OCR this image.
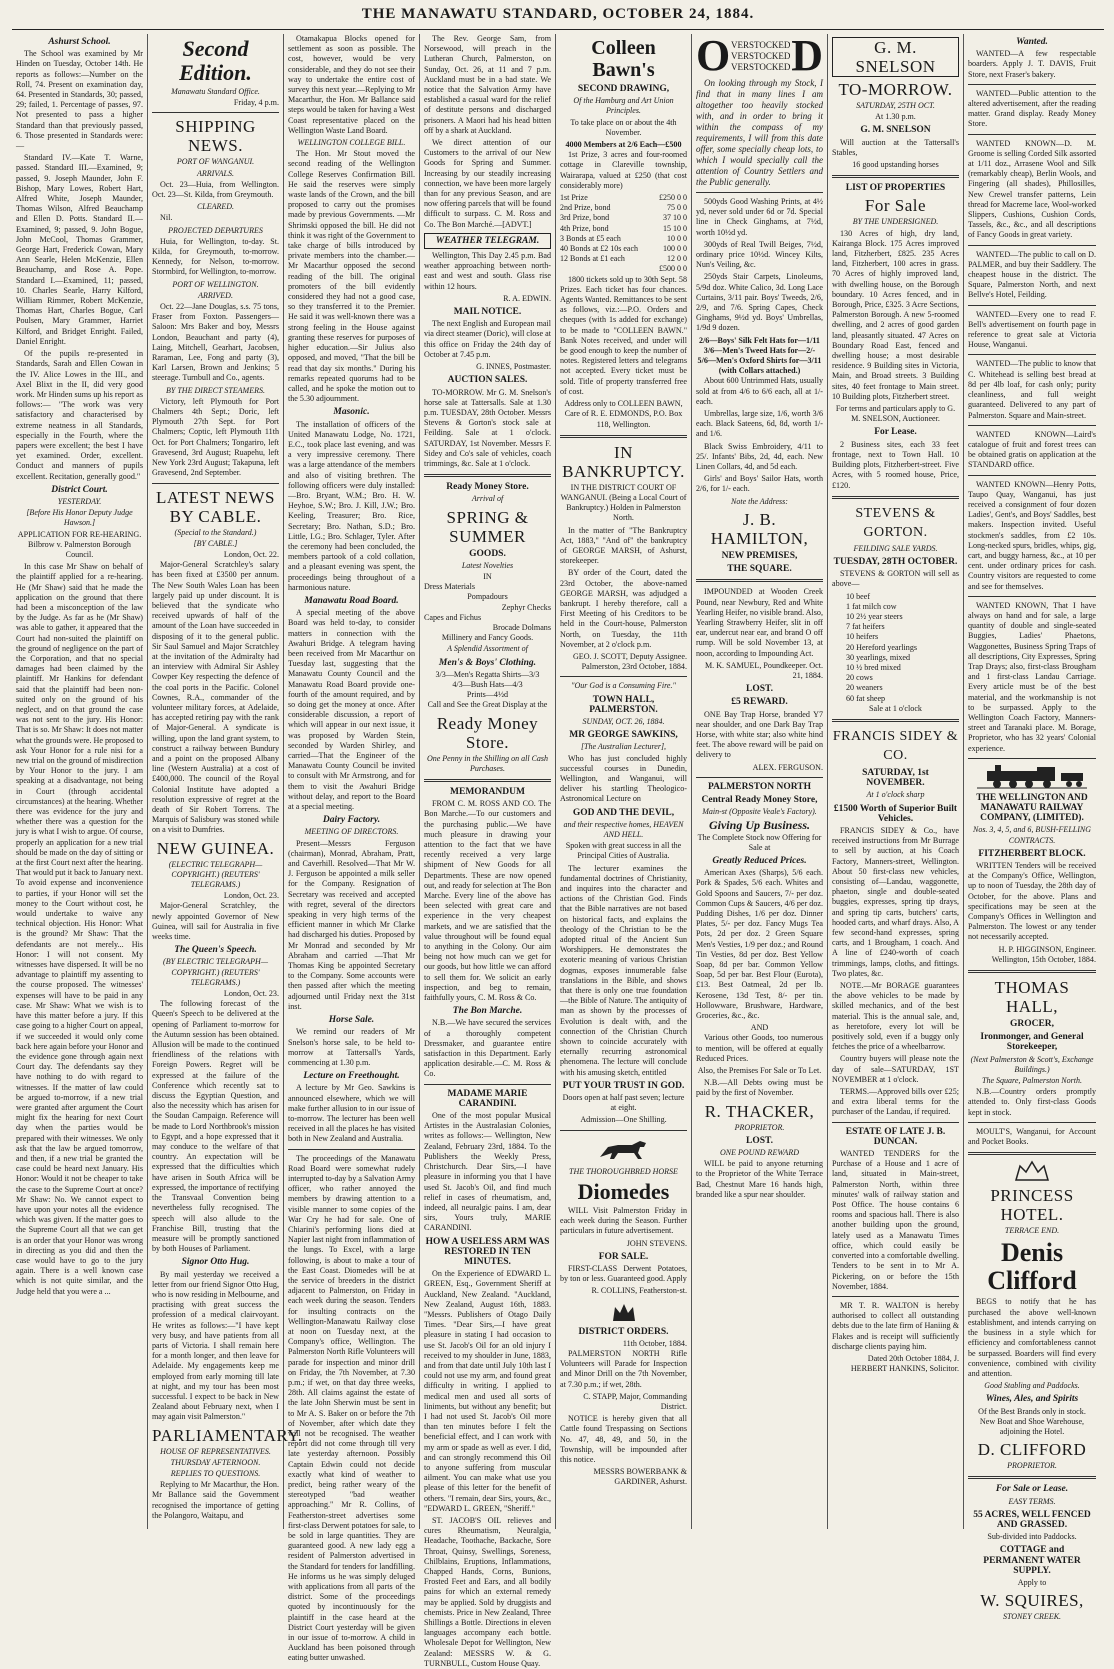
THE MANAWATU STANDARD, OCTOBER 24, 1884.
Ashurst School.

The School was examined by Mr Hinden on Tuesday, October 14th. He reports as follows:—Number on the Roll, 74. Present on examination day, 64. Presented in Standards, 30; passed, 29; failed, 1. Percentage of passes, 97. Not presented to pass a higher Standard than that previously passed, 6. Those presented in Standards were:—

Standard IV.—Kate T. Warne, passed. Standard III.—Examined, 9; passed, 9. Joseph Maunder, John F. Bishop, Mary Lowes, Robert Hart, Alfred White, Joseph Maunder, Thomas Wilson, Alfred Beauchamp and Ellen D. Potts. Standard II.—Examined, 9; passed, 9. John Bogue, John McCool, Thomas Grammer, George Hart, Frederick Cowan, Mary Ann Searle, Helen McKenzie, Ellen Beauchamp, and Rose A. Pope. Standard I.—Examined, 11; passed, 10. Charles Searle, Harry Kilford, William Rimmer, Robert McKenzie, Thomas Hart, Charles Bogue, Carl Poulsen, Mary Grammer, Harriet Kilford, and Bridget Enright. Failed, Daniel Enright.

Of the pupils re-presented in Standards, Sarah and Ellen Cowan in the IV. Alice Lowes in the III., and Axel Blixt in the II, did very good work. Mr Hinden sums up his report as follows:— "The work was very satisfactory and characterised by extreme neatness in all Standards, especially in the Fourth, where the papers were excellent; the best I have yet examined. Order, excellent. Conduct and manners of pupils excellent. Recitation, generally good."

District Court.
YESTERDAY.
[Before His Honor Deputy Judge Hawson.]

APPLICATION FOR RE-HEARING. Bilbrow v. Palmerston Borough Council.

In this case Mr Shaw on behalf of the plaintiff applied for a re-hearing. He (Mr Shaw) said that he made the application on the ground that there had been a misconception of the law by the Judge. As far as he (Mr Shaw) was able to gather, it appeared that the Court had non-suited the plaintiff on the ground of negligence on the part of the Corporation, and that no special damages had been claimed by the plaintiff. Mr Hankins for defendant said that the plaintiff had been non-suited only on the ground of his neglect, and on that ground the case was not sent to the jury. His Honor: That is so. Mr Shaw: It does not matter what the grounds were. He proposed to ask Your Honor for a rule nisi for a new trial on the ground of misdirection by Your Honor to the jury. I am speaking at a disadvantage, not being in Court (through accidental circumstances) at the hearing. Whether there was evidence for the jury and whether there was a question for the jury is what I wish to argue. Of course, properly an application for a new trial should be made on the day of sitting or at the first Court next after the hearing. That would put it back to January next. To avoid expense and inconvenience to parties, if your Honor will set the money to the Court without cost, he would undertake to waive any technical objection. His Honor: What is the ground? Mr Shaw: That the defendants are not merely... His Honor: I will not consent. My witnesses have dispersed. It will be no advantage to plaintiff my assenting to the course proposed. The witnesses' expenses will have to be paid in any case. Mr Shaw: What we wish is to have this matter before a jury. If this case going to a higher Court on appeal, if we succeeded it would only come back here again before your Honor and the evidence gone through again next Court day. The defendants say they have nothing to do with regard to witnesses. If the matter of law could be argued to-morrow, if a new trial were granted after argument the Court might fix the hearing for next Court day when the parties would be prepared with their witnesses. We only ask that the law be argued tomorrow, and then, if a new trial be granted the case could be heard next January. His Honor: Would it not be cheaper to take the case to the Supreme Court at once? Mr Shaw: No. We cannot expect to have upon your notes all the evidence which was given. If the matter goes to the Supreme Court all that we can get is an order that your Honor was wrong in directing as you did and then the case would have to go to the jury again. There is a well known case which is not quite similar, and the Judge held that you were a ...

Second Edition.
Manawatu Standard Office.
Friday, 4 p.m.
SHIPPING NEWS.
PORT OF WANGANUI.
ARRIVALS.

Oct. 23—Huia, from Wellington. Oct. 23—St. Kilda, from Greymouth.

CLEARED.

Nil.

PROJECTED DEPARTURES

Huia, for Wellington, to-day. St. Kilda, for Greymouth, to-morrow. Kennedy, for Nelson, to-morrow. Stormbird, for Wellington, to-morrow.

PORT OF WELLINGTON.
ARRIVED.

Oct. 22—Jane Douglas, s.s. 75 tons, Fraser from Foxton. Passengers—Saloon: Mrs Baker and boy, Messrs London, Beauchant and party (4), Laing, Mitchell, Gearhart, Jacobsen, Raraman, Lee, Fong and party (3), Karl Larsen, Brown and Jenkins; 5 steerage. Turnbull and Co., agents.

BY THE DIRECT STEAMERS.

Victory, left Plymouth for Port Chalmers 4th Sept.; Doric, left Plymouth 27th Sept. for Port Chalmers; Coptic, left Plymouth 11th Oct. for Port Chalmers; Tongariro, left Gravesend, 3rd August; Ruapehu, left New York 23rd August; Takapuna, left Gravesend, 2nd September.

LATEST NEWS BY CABLE.
(Special to the Standard.)
[BY CABLE.]
London, Oct. 22.

Major-General Scratchley's salary has been fixed at £3500 per annum. The New South Wales Loan has been largely paid up under discount. It is believed that the syndicate who received upwards of half of the amount of the Loan have succeeded in disposing of it to the general public. Sir Saul Samuel and Major Scratchley at the invitation of the Admiralty had an interview with Admiral Sir Ashley Cowper Key respecting the defence of the coal ports in the Pacific. Colonel Cownes, R.A., commander of the volunteer military forces, at Adelaide, has accepted retiring pay with the rank of Major-General. A syndicate is willing, upon the land grant system, to construct a railway between Bundury and a point on the proposed Albany line (Western Australia) at a cost of £400,000. The council of the Royal Colonial Institute have adopted a resolution expressive of regret at the death of Sir Robert Torrens. The Marquis of Salisbury was stoned while on a visit to Dumfries.

NEW GUINEA.
(ELECTRIC TELEGRAPH—COPYRIGHT.) (REUTERS' TELEGRAMS.)
London, Oct. 23.

Major-General Scratchley, the newly appointed Governor of New Guinea, will sail for Australia in five weeks time.

The Queen's Speech.
(BY ELECTRIC TELEGRAPH—COPYRIGHT.) (REUTERS' TELEGRAMS.)
London, Oct. 23.

The following forecast of the Queen's Speech to be delivered at the opening of Parliament to-morrow for the Autumn session has been obtained. Allusion will be made to the continued friendliness of the relations with Foreign Powers. Regret will be expressed at the failure of the Conference which recently sat to discuss the Egyptian Question, and also the necessity which has arisen for the Soudan Campaign. Reference will be made to Lord Northbrook's mission to Egypt, and a hope expressed that it may conduce to the welfare of that country. An expectation will be expressed that the difficulties which have arisen in South Africa will be expressed, the importance of rectifying the Transvaal Convention being nevertheless fully recognised. The speech will also allude to the Franchise Bill, trusting that the measure will be promptly sanctioned by both Houses of Parliament.

Signor Otto Hug.

By mail yesterday we received a letter from our friend Signor Otto Hug, who is now residing in Melbourne, and practising with great success the profession of a medical clairvoyant. He writes as follows:—"I have kept very busy, and have patients from all parts of Victoria. I shall remain here for a month longer, and then leave for Adelaide. My engagements keep me employed from early morning till late at night, and my tour has been most successful. I expect to be back in New Zealand about February next, when I may again visit Palmerston."

PARLIAMENTARY.
HOUSE OF REPRESENTATIVES.
THURSDAY AFTERNOON.
REPLIES TO QUESTIONS.

Replying to Mr Macarthur, the Hon. Mr Ballance said the Government recognised the importance of getting the Polangoro, Waitapu, and

Otamakapua Blocks opened for settlement as soon as possible. The cost, however, would be very considerable, and they do not see their way to undertake the entire cost of survey this next year.—Replying to Mr Macarthur, the Hon. Mr Ballance said steps would be taken for having a West Coast representative placed on the Wellington Waste Land Board.

WELLINGTON COLLEGE BILL.

The Hon. Mr Stout moved the second reading of the Wellington College Reserves Confirmation Bill. He said the reserves were simply waste lands of the Crown, and the bill proposed to carry out the promises made by previous Governments. —Mr Shrimski opposed the bill. He did not think it was right of the Government to take charge of bills introduced by private members into the chamber.—Mr Macarthur opposed the second reading of the bill. The original promoters of the bill evidently considered they had not a good case, so they transferred it to the Premier. He said it was well-known there was a strong feeling in the House against granting these reserves for purposes of higher education.—Sir Julius also opposed, and moved, "That the bill be read that day six months." During his remarks repeated quorums had to be called, and he spoke the motion out to the 5.30 adjournment.

Masonic.

The installation of officers of the United Manawatu Lodge, No. 1721, E.C., took place last evening, and was a very impressive ceremony. There was a large attendance of the members and also of visiting brethren. The following officers were duly installed:—Bro. Bryant, W.M.; Bro. H. W. Heyhoe, S.W.; Bro. J. Kill, J.W.; Bro. Keeling, Treasurer; Bro. Rice, Secretary; Bro. Nathan, S.D.; Bro. Little, I.G.; Bro. Schlager, Tyler. After the ceremony had been concluded, the members partook of a cold collation, and a pleasant evening was spent, the proceedings being throughout of a harmonious nature.

Manawatu Road Board.

A special meeting of the above Board was held to-day, to consider matters in connection with the Awahuri Bridge. A telegram having been received from Mr Macarthur on Tuesday last, suggesting that the Manawatu County Council and the Manawatu Road Board provide one-fourth of the amount required, and by so doing get the money at once. After considerable discussion, a report of which will appear in our next issue, it was proposed by Warden Stein, seconded by Warden Shirley, and carried—That the Engineer of the Manawatu County Council be invited to consult with Mr Armstrong, and for them to visit the Awahuri Bridge without delay, and report to the Board at a special meeting.

Dairy Factory.
MEETING OF DIRECTORS.

Present—Messrs Ferguson (chairman), Monrad, Abraham, Pratt, and Caverhill. Resolved—That Mr W. J. Ferguson be appointed a milk seller for the Company. Resignation of Secretary was received and accepted with regret, several of the directors speaking in very high terms of the efficient manner in which Mr Clarke had discharged his duties. Proposed by Mr Monrad and seconded by Mr Abraham and carried —That Mr Thomas King be appointed Secretary to the Company. Some accounts were then passed after which the meeting adjourned until Friday next the 31st inst.

Horse Sale.

We remind our readers of Mr Snelson's horse sale, to be held to-morrow at Tattersall's Yards, commencing at 1.30 p.m.

Lecture on Freethought.

A lecture by Mr Geo. Sawkins is announced elsewhere, which we will make further allusion to in our issue of to-morrow. The lecturer has been well received in all the places he has visited both in New Zealand and Australia.

The proceedings of the Manawatu Road Board were somewhat rudely interrupted to-day by a Salvation Army officer, who rather annoyed the members by drawing attention to a visible manner to some copies of the War Cry he had for sale. One of Chiarini's performing lions died at Napier last night from inflammation of the lungs. To Excel, with a large following, is about to make a tour of the East Coast. Diomedes will be at the service of breeders in the district adjacent to Palmerston, on Friday in each week during the season. Tenders for insulting contracts on the Wellington-Manawatu Railway close at noon on Tuesday next, at the Company's office, Wellington. The Palmerston North Rifle Volunteers will parade for inspection and minor drill on Friday, the 7th November, at 7.30 p.m.; if wet, on that day three weeks, 28th. All claims against the estate of the late John Sherwin must be sent in to Mr A. S. Baker on or before the 7th of November, after which date they will not be recognised. The weather report did not come through till very late yesterday afternoon. Possibly Captain Edwin could not decide exactly what kind of weather to predict, being rather weary of the stereotyped "bad weather approaching." Mr R. Collins, of Featherston-street advertises some first-class Derwent potatoes for sale, to be sold in large quantities. They are guaranteed good. A new lady egg a resident of Palmerston advertised in the Standard for tenders for landfilling. He informs us he was simply deluged with applications from all parts of the district. Some of the proceedings quoted by incontinuously for the plaintiff in the case heard at the District Court yesterday will be given in our issue of to-morrow. A child in Auckland has been poisoned through eating butter unwashed.

The Rev. George Sam, from Norsewood, will preach in the Lutheran Church, Palmerston, on Sunday, Oct. 26, at 11 and 7 p.m. Auckland must be in a bad state. We notice that the Salvation Army have established a casual ward for the relief of destitute persons and discharged prisoners. A Maori had his head bitten off by a shark at Auckland.

We direct attention of our Customers to the arrival of our New Goods for Spring and Summer. Increasing by our steadily increasing connection, we have been more largely than for any previous Season, and are now offering parcels that will be found difficult to surpass. C. M. Ross and Co. The Bon Marché.—[ADVT.]

WEATHER TELEGRAM.

Wellington, This Day 2.45 p.m. Bad weather approaching between north-east and west and south. Glass rise within 12 hours.

R. A. EDWIN.
MAIL NOTICE.

The next English and European mail via direct steamer (Doric), will close at this office on Friday the 24th day of October at 7.45 p.m.

G. INNES, Postmaster.
AUCTION SALES.

TO-MORROW. Mr G. M. Snelson's horse sale at Tattersalls. Sale at 1.30 p.m. TUESDAY, 28th October. Messrs Stevens & Gorton's stock sale at Feilding. Sale at 1 o'clock. SATURDAY, 1st November. Messrs F. Sidey and Co's sale of vehicles, coach trimmings, &c. Sale at 1 o'clock.

Ready Money Store.
Arrival of
SPRING & SUMMER
GOODS.
Latest Novelties
IN
Dress Materials
Pompadours
Zephyr Checks
Capes and Fichus
Brocade Dolmans
Millinery and Fancy Goods.
A Splendid Assortment of
Men's & Boys' Clothing.
3/3—Men's Regatta Shirts—3/3
4/3—Bush Hats—4/3
Prints—4½d
Call and See the Great Display at the
Ready Money Store.
One Penny in the Shilling on all Cash Purchases.
MEMORANDUM

FROM C. M. ROSS AND CO. The Bon Marche.—To our customers and the purchasing public.—We have much pleasure in drawing your attention to the fact that we have recently received a very large shipment of New Goods for all Departments. These are now opened out, and ready for selection at The Bon Marche. Every line of the above has been selected with great care and experience in the very cheapest markets, and we are satisfied that the value throughout will be found equal to anything in the Colony. Our aim being not how much can we get for our goods, but how little we can afford to sell them for. We solicit an early inspection, and beg to remain, faithfully yours, C. M. Ross & Co.

The Bon Marche.

N.B.—We have secured the services of a thoroughly competent Dressmaker, and guarantee entire satisfaction in this Department. Early application desirable.—C. M. Ross & Co.

MADAME MARIE CARANDINI.

One of the most popular Musical Artistes in the Australasian Colonies, writes as follows:— Wellington, New Zealand, February 23rd, 1884. To the Publishers the Weekly Press, Christchurch. Dear Sirs,—I have pleasure in informing you that I have used St. Jacob's Oil, and find much relief in cases of rheumatism, and, indeed, all neuralgic pains. I am, dear sirs, Yours truly, MARIE CARANDINI.

HOW A USELESS ARM WAS RESTORED IN TEN MINUTES.

On the Experience of EDWARD L. GREEN, Esq., Government Sheriff at Auckland, New Zealand. "Auckland, New Zealand, August 16th, 1883. "Messrs. Publishers of Otago Daily Times. "Dear Sirs,—I have great pleasure in stating I had occasion to use St. Jacob's Oil for an old injury I received to my shoulder in June, 1883, and from that date until July 10th last I could not use my arm, and found great difficulty in writing. I applied to medical men and used all sorts of liniments, but without any benefit; but I had not used St. Jacob's Oil more than ten minutes before I felt the beneficial effect, and I can work with my arm or spade as well as ever. I did, and can strongly recommend this Oil to anyone suffering from muscular ailment. You can make what use you please of this letter for the benefit of others. "I remain, dear Sirs, yours, &c., "EDWARD L. GREEN, "Sheriff."

ST. JACOB'S OIL relieves and cures Rheumatism, Neuralgia, Headache, Toothache, Backache, Sore Throat, Quinsy, Swellings, Soreness, Chilblains, Eruptions, Inflammations, Chapped Hands, Corns, Bunions, Frosted Feet and Ears, and all bodily pains for which an external remedy may be applied. Sold by druggists and chemists. Price in New Zealand, Three Shillings a Bottle. Directions in eleven languages accompany each bottle. Wholesale Depot for Wellington, New Zealand: MESSRS W. & G. TURNBULL, Custom House Quay.

Colleen Bawn's
SECOND DRAWING,
Of the Hamburg and Art Union Principles.

To take place on or about the 4th November.

4000 Members at 2/6 Each—£500

1st Prize, 3 acres and four-roomed cottage in Clareville township, Wairarapa, valued at £250 (that cost considerably more)

1st Prize	£250 0 0
2nd Prize, bond	75 0 0
3rd Prize, bond	37 10 0
4th Prize, bond	15 10 0
3 Bonds at £5 each	10 0 0
40 Bonds at £2 10s each	100 0 0
12 Bonds at £1 each	12 0 0
	£500 0 0

1800 tickets sold up to 30th Sept. 58 Prizes. Each ticket has four chances. Agents Wanted. Remittances to be sent as follows, viz.:—P.O. Orders and cheques (with 1s added for exchange) to be made to "COLLEEN BAWN." Bank Notes received, and under will be good enough to keep the number of notes. Registered letters and telegrams not accepted. Every ticket must be sold. Title of property transferred free of cost.

Address only to COLLEEN BAWN, Care of R. E. EDMONDS, P.O. Box 118, Wellington.

IN BANKRUPTCY.

IN THE DISTRICT COURT OF WANGANUI. (Being a Local Court of Bankruptcy.) Holden in Palmerston North.

In the matter of "The Bankruptcy Act, 1883," "And of" the bankruptcy of GEORGE MARSH, of Ashurst, storekeeper.

BY order of the Court, dated the 23rd October, the above-named GEORGE MARSH, was adjudged a bankrupt. I hereby therefore, call a First Meeting of his Creditors to be held in the Court-house, Palmerston North, on Tuesday, the 11th November, at 2 o'clock p.m.

GEO. J. SCOTT, Deputy Assignee. Palmerston, 23rd October, 1884.

"Our God is a Consuming Fire."
TOWN HALL, PALMERSTON.
SUNDAY, OCT. 26, 1884.
MR GEORGE SAWKINS,
[The Australian Lecturer],

Who has just concluded highly successful courses in Dunedin, Wellington, and Wanganui, will deliver his startling Theologico-Astronomical Lecture on

GOD AND THE DEVIL,
and their respective homes, HEAVEN AND HELL.

Spoken with great success in all the Principal Cities of Australia.

The lecturer examines the fundamental doctrines of Christianity, and inquires into the character and actions of the Christian God. Finds that the Bible narratives are not based on historical facts, and explains the theology of the Christian to be the adopted ritual of the Ancient Sun Worshippers. He demonstrates the exoteric meaning of various Christian dogmas, exposes innumerable false translations in the Bible, and shows that there is only one true foundation—the Bible of Nature. The antiquity of man as shown by the processes of Evolution is dealt with, and the connection of the Christian Church shown to coincide accurately with eternally recurring astronomical phenomena. The lecture will conclude with his amusing sketch, entitled

PUT YOUR TRUST IN GOD.

Doors open at half past seven; lecture at eight.

Admission—One Shilling.

THE THOROUGHBRED HORSE
Diomedes

WILL Visit Palmerston Friday in each week during the Season. Further particulars in future advertisement.

JOHN STEVENS.

FOR SALE.

FIRST-CLASS Derwent Potatoes, by ton or less. Guaranteed good. Apply

R. COLLINS, Featherston-st.

DISTRICT ORDERS.
11th October, 1884.

PALMERSTON NORTH Rifle Volunteers will Parade for Inspection and Minor Drill on the 7th November, at 7.30 p.m.; if wet, 28th.

C. STAPP, Major, Commanding District.

NOTICE is hereby given that all Cattle found Trespassing on Sections No. 47, 48, 49, and 50, in the Township, will be impounded after this notice.

MESSRS BOWERBANK & GARDINER, Ashurst.

O VERSTOCKED
VERSTOCKED
VERSTOCKED D

On looking through my Stock, I find that in many lines I am altogether too heavily stocked with, and in order to bring it within the compass of my requirements, I will from this date offer, some specially cheap lots, to which I would specially call the attention of Country Settlers and the Public generally.

500yds Good Washing Prints, at 4½ yd, never sold under 6d or 7d. Special line in Check Ginghams, at 7½d, worth 10½d yd.

300yds of Real Twill Beiges, 7½d, ordinary price 10½d. Wincey Kilts, Nun's Veiling, &c.

250yds Stair Carpets, Linoleums, 5/9d doz. White Calico, 3d. Long Lace Curtains, 3/11 pair. Boys' Tweeds, 2/6, 2/9, and 7/6. Spring Capes, Check Ginghams, 9½d yd. Boys' Umbrellas, 1/9d 9 dozen.

2/6—Boys' Silk Felt Hats for—1/11
3/6—Men's Tweed Hats for—2/-
5/6—Men's Oxford Shirts for—3/11 (with Collars attached.)

About 600 Untrimmed Hats, usually sold at from 4/6 to 6/6 each, all at 1/- each.

Umbrellas, large size, 1/6, worth 3/6 each. Black Sateens, 6d, 8d, worth 1/- and 1/6.

Black Swiss Embroidery, 4/11 to 25/. Infants' Bibs, 2d, 4d, each. New Linen Collars, 4d, and 5d each.

Girls' and Boys' Sailor Hats, worth 2/6, for 1/- each.

Note the Address:
J. B. HAMILTON,
NEW PREMISES,
THE SQUARE.

IMPOUNDED at Wooden Creek Pound, near Newbury, Red and White Yearling Heifer, no visible brand. Also, Yearling Strawberry Heifer, slit in off ear, undercut near ear, and brand O off rump. Will be sold November 13, at noon, according to Impounding Act.

M. K. SAMUEL, Poundkeeper. Oct. 21, 1884.

LOST.
£5 REWARD.

ONE Bay Trap Horse, branded Y7 near shoulder, and one Dark Bay Trap Horse, with white star; also white hind feet. The above reward will be paid on delivery to

ALEX. FERGUSON.

PALMERSTON NORTH
Central Ready Money Store,
Main-st (Opposite Veale's Factory).
Giving Up Business.
The Complete Stock now Offering for Sale at
Greatly Reduced Prices.

American Axes (Sharps), 5/6 each. Pork & Spades, 5/6 each. Whites and Gold Spoons and Saucers, 7/- per doz. Common Cups & Saucers, 4/6 per doz. Pudding Dishes, 1/6 per doz. Dinner Plates, 5/- per doz. Fancy Mugs Tea Pots, 2d per doz. 2 Green Square Men's Vesties, 1/9 per doz.; and Round Tin Vesties, 8d per doz. Best Yellow Soap, 8d per bar. Common Yellow Soap, 5d per bar. Best Flour (Eurota), £13. Best Oatmeal, 2d per lb. Kerosene, 13d Test, 8/- per tin. Hollowware, Brushware, Hardware, Groceries, &c., &c.

AND

Various other Goods, too numerous to mention, will be offered at equally Reduced Prices.

Also, the Premises For Sale or To Let.

N.B.—All Debts owing must be paid by the first of November.

R. THACKER,
PROPRIETOR.
LOST.
ONE POUND REWARD

WILL be paid to anyone returning to the Proprietor of the White Terrace Bad, Chestnut Mare 16 hands high, branded like a spur near shoulder.

G. M. SNELSON
TO-MORROW.
SATURDAY, 25TH OCT.
At 1.30 p.m.
G. M. SNELSON

Will auction at the Tattersall's Stables,

16 good upstanding horses

LIST OF PROPERTIES
For Sale
BY THE UNDERSIGNED.

130 Acres of high, dry land, Kairanga Block. 175 Acres improved land, Fitzherbert, £825. 235 Acres land, Fitzherbert, 100 acres in grass. 70 Acres of highly improved land, with dwelling house, on the Borough boundary. 10 Acres fenced, and in Borough, Price, £325. 3 Acre Sections, Palmerston Borough. A new 5-roomed dwelling, and 2 acres of good garden land, pleasantly situated. 47 Acres on Boundary Road East, fenced and dwelling house; a most desirable residence. 9 Building sites in Victoria, Main, and Broad streets. 3 Building sites, 40 feet frontage to Main street. 10 Building plots, Fitzherbert street.

For terms and particulars apply to G. M. SNELSON, Auctioneer.

For Lease.

2 Business sites, each 33 feet frontage, next to Town Hall. 10 Building plots, Fitzherbert-street. Five Acres, with 5 roomed house, Price, £120.

STEVENS & GORTON.
FEILDING SALE YARDS.
TUESDAY, 28TH OCTOBER.

STEVENS & GORTON will sell as above—

10 beef
1 fat milch cow
10 2½ year steers
7 fat heifers
10 heifers
20 Hereford yearlings
30 yearlings, mixed
10 ½ bred mixed
20 cows
20 weaners
60 fat sheep
Sale at 1 o'clock
FRANCIS SIDEY & CO.
SATURDAY, 1st NOVEMBER.
At 1 o'clock sharp
£1500 Worth of Superior Built Vehicles.

FRANCIS SIDEY & Co., have received instructions from Mr Burrage to sell by auction, at his Coach Factory, Manners-street, Wellington. About 50 first-class new vehicles, consisting of—Landau, waggonette, phaeton, single and double-seated buggies, expresses, spring tip drays, and spring tip carts, butchers' carts, hooded carts, and wharf drays. Also, A few second-hand expresses, spring carts, and 1 Brougham, 1 coach. And A line of £240-worth of coach trimmings, lamps, cloths, and fittings. Two plates, &c.

NOTE.—Mr BORAGE guarantees the above vehicles to be made by skilled mechanics, and of the best material. This is the annual sale, and, as heretofore, every lot will be positively sold, even if a buggy only fetches the price of a wheelbarrow.

Country buyers will please note the day of sale—SATURDAY, 1ST NOVEMBER at 1 o'clock.

TERMS.—Approved bills over £25; and extra liberal terms for the purchaser of the Landau, if required.

ESTATE OF LATE J. B. DUNCAN.

WANTED TENDERS for the Purchase of a House and 1 acre of land, situated in Main-street, Palmerston North, within three minutes' walk of railway station and Post Office. The house contains 6 rooms and spacious hall. There is also another building upon the ground, lately used as a Manawatu Times office, which could easily be converted into a comfortable dwelling. Tenders to be sent in to Mr A. Pickering, on or before the 15th November, 1884.

MR T. R. WALTON is hereby authorised to collect all outstanding debts due to the late firm of Haniing & Flakes and is receipt will sufficiently discharge clients paying him.

Dated 20th October 1884, J. HERBERT HANKINS, Solicitor.

Wanted.

WANTED—A few respectable boarders. Apply J. T. DAVIS, Fruit Store, next Fraser's bakery.

WANTED—Public attention to the altered advertisement, after the reading matter. Grand display. Ready Money Store.

WANTED KNOWN—D. M. Groome is selling Corded Silk assorted at 1/11 doz., Arrasene Wool and Silk (remarkably cheap), Berlin Wools, and Fingering (all shades), Phillosilles, New Crewel transfer patterns, Lein thread for Macreme lace, Wool-worked Slippers, Cushions, Cushion Cords, Tassels, &c., &c., and all descriptions of Fancy Goods in great variety.

WANTED—The public to call on D. PALMER, and buy their Saddlery. The cheapest house in the district. The Square, Palmerston North, and next Bellve's Hotel, Feilding.

WANTED—Every one to read F. Bell's advertisement on fourth page in reference to great sale at Victoria House, Wanganui.

WANTED—The public to know that C. Whitehead is selling best bread at 8d per 4lb loaf, for cash only; purity cleanliness, and full weight guaranteed. Delivered to any part of Palmerston. Square and Main-street.

WANTED KNOWN—Laird's catalogue of fruit and forest trees can be obtained gratis on application at the STANDARD office.

WANTED KNOWN—Henry Potts, Taupo Quay, Wanganui, has just received a consignment of four dozen Ladies', Gent's, and Boys' Saddles, best makers. Inspection invited. Useful stockmen's saddles, from £2 10s. Long-necked spurs, bridles, whips, gig, cart, and buggy harness, &c., at 10 per cent. under ordinary prices for cash. Country visitors are requested to come and see for themselves.

WANTED KNOWN, That I have always on hand and for sale, a large quantity of double and single-seated Buggies, Ladies' Phaetons, Waggonettes, Business Spring Traps of all descriptions, City Expresses, Spring Trap Drays; also, first-class Brougham and 1 first-class Landau Carriage. Every article must be of the best material, and the workmanship is not to be surpassed. Apply to the Wellington Coach Factory, Manners-street and Taranaki place. M. Borage, Proprietor, who has 32 years' Colonial experience.

THE WELLINGTON AND MANAWATU RAILWAY COMPANY, (LIMITED).
Nos. 3, 4, 5, and 6, BUSH-FELLING CONTRACTS.
FITZHERBERT BLOCK.

WRITTEN Tenders will be received at the Company's Office, Wellington, up to noon of Tuesday, the 28th day of October, for the above. Plans and specifications may be seen at the Company's Offices in Wellington and Palmerston. The lowest or any tender not necessarily accepted.

H. P. HIGGINSON, Engineer. Wellington, 15th October, 1884.

THOMAS HALL,
GROCER,
Ironmonger, and General Storekeeper,
(Next Palmerston & Scott's, Exchange Buildings.)
The Square, Palmerston North.

N.B.—Country orders promptly attended to. Only first-class Goods kept in stock.

MOULT'S, Wanganui, for Account and Pocket Books.

PRINCESS HOTEL.
TERRACE END.
Denis Clifford

BEGS to notify that he has purchased the above well-known establishment, and intends carrying on the business in a style which for efficiency and comfortableness cannot be surpassed. Boarders will find every convenience, combined with civility and attention.

Good Stabling and Paddocks.
Wines, Ales, and Spirits
Of the Best Brands only in stock.

New Boat and Shoe Warehouse, adjoining the Hotel.

D. CLIFFORD
PROPRIETOR.
For Sale or Lease.
EASY TERMS.
55 ACRES, WELL FENCED AND GRASSED.
Sub-divided into Paddocks.
COTTAGE and PERMANENT WATER SUPPLY.
Apply to
W. SQUIRES,
STONEY CREEK.
